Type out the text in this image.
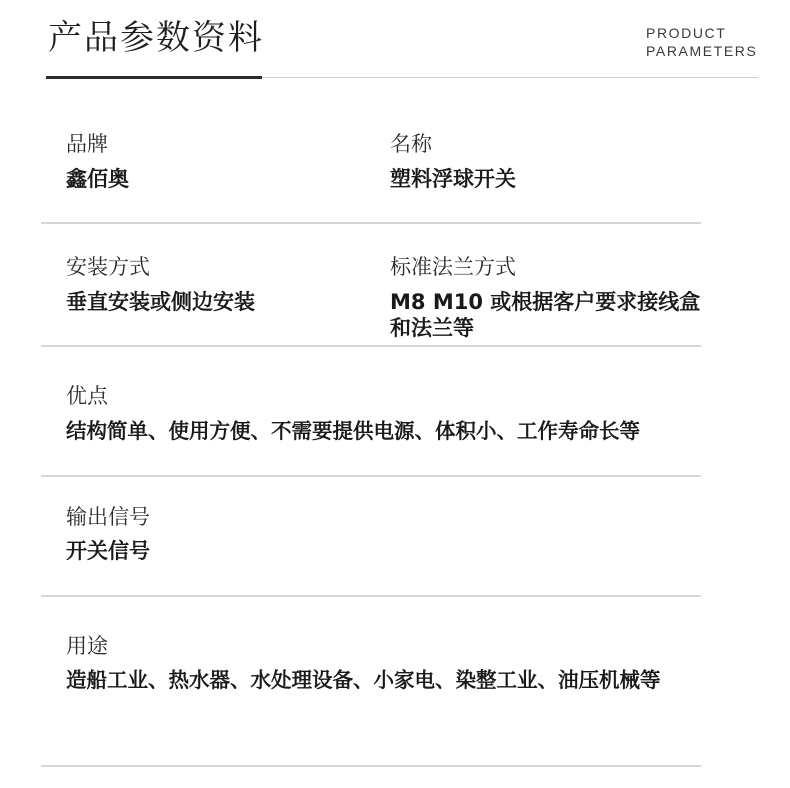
产品参数资料	PRODUCT
PARAMETERS
品牌
鑫佰奥
名称
塑料浮球开关
安装方式
垂直安装或侧边安装
标准法兰方式
M8 M10 或根据客户要求接线盒
和法兰等
优点
结构简单、使用方便、不需要提供电源、体积小、工作寿命长等
输出信号
开关信号
用途
造船工业、热水器、水处理设备、小家电、染整工业、油压机械等
